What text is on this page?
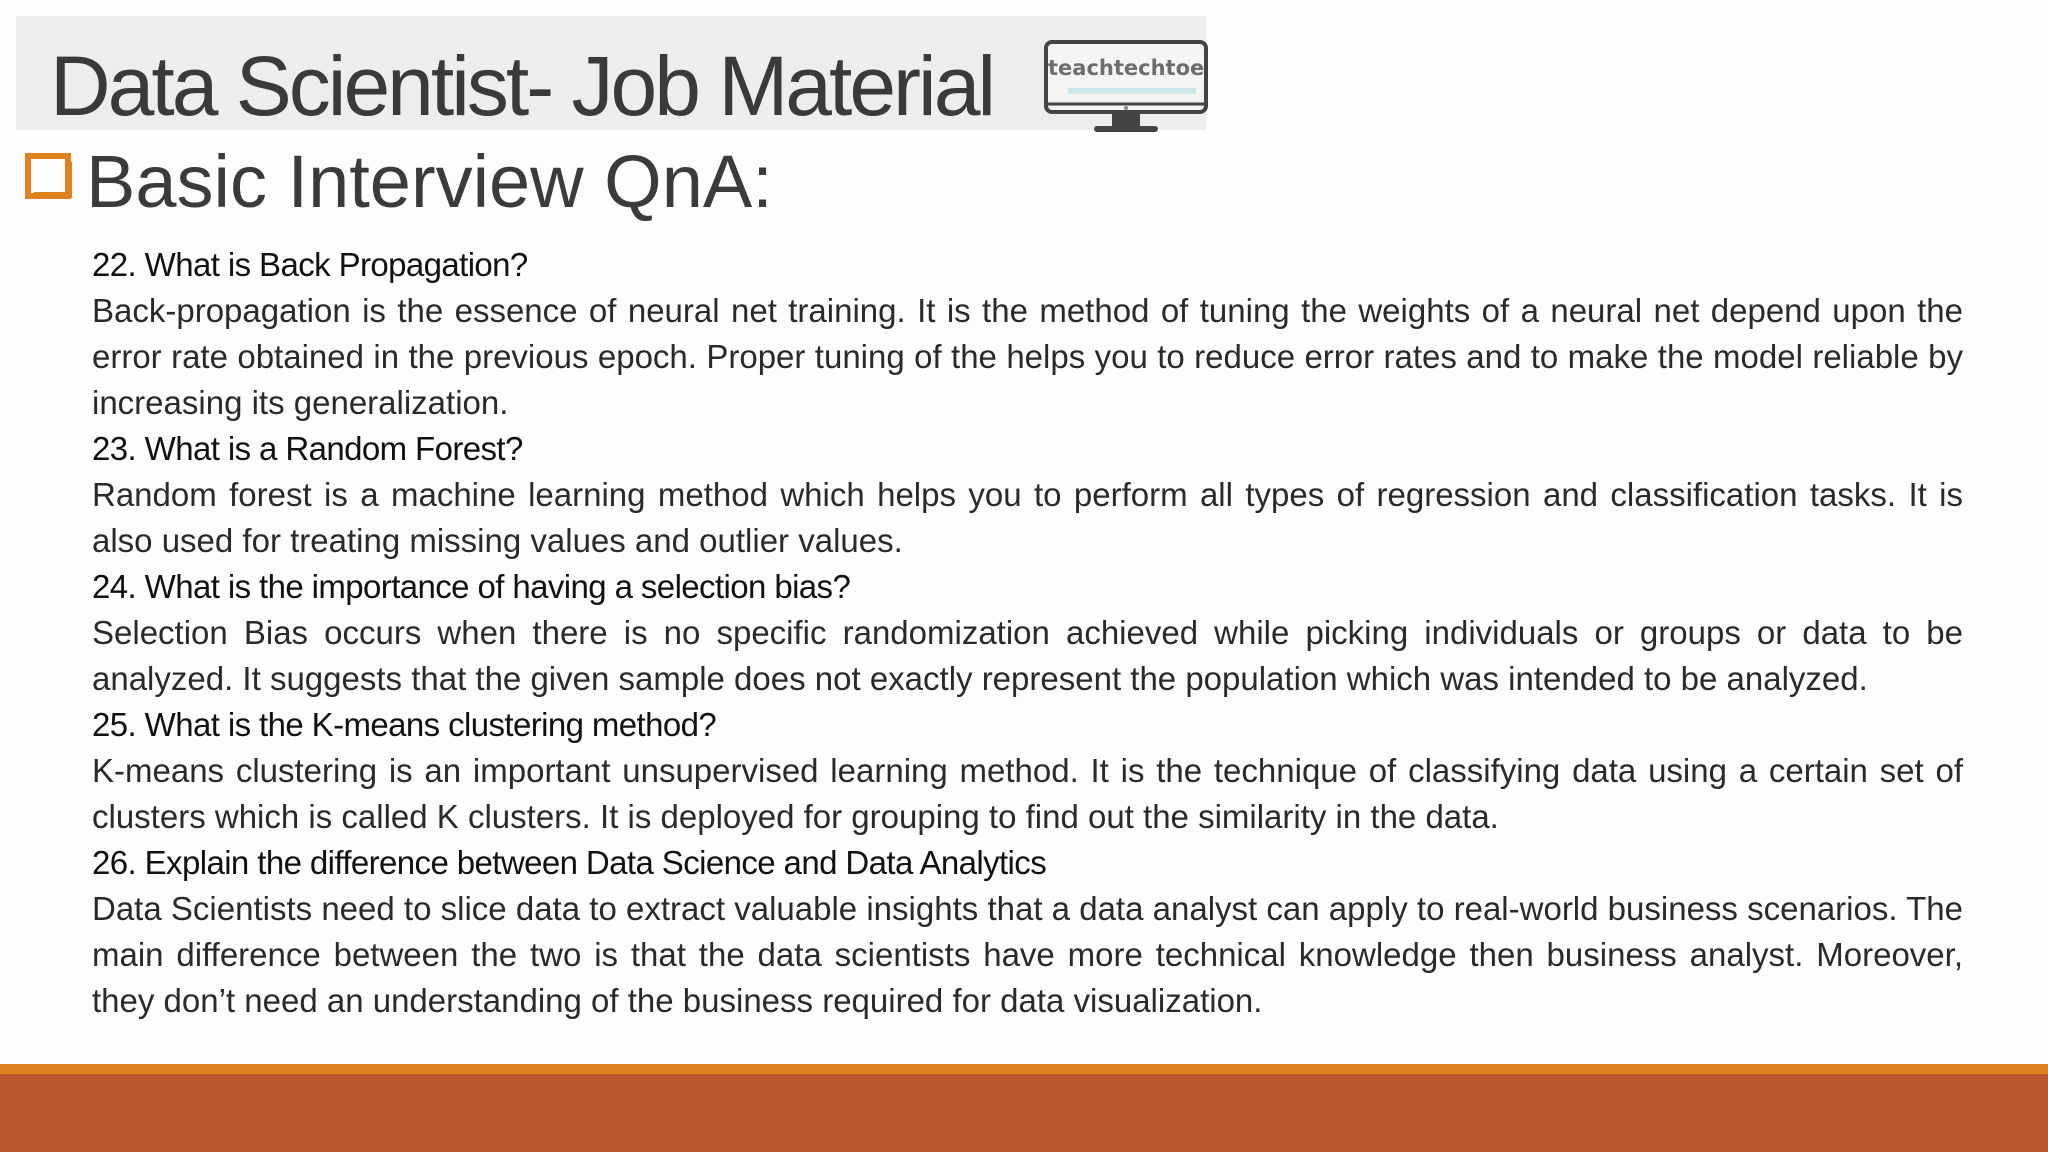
Data Scientist- Job Material	teachtechtoe
Basic Interview QnA:
22. What is Back Propagation?

Back-propagation is the essence of neural net training. It is the method of tuning the weights of a neural net depend upon the error rate obtained in the previous epoch. Proper tuning of the helps you to reduce error rates and to make the model reliable by increasing its generalization.

23. What is a Random Forest?

Random forest is a machine learning method which helps you to perform all types of regression and classification tasks. It is also used for treating missing values and outlier values.

24. What is the importance of having a selection bias?

Selection Bias occurs when there is no specific randomization achieved while picking individuals or groups or data to be analyzed. It suggests that the given sample does not exactly represent the population which was intended to be analyzed.

25. What is the K-means clustering method?

K-means clustering is an important unsupervised learning method. It is the technique of classifying data using a certain set of clusters which is called K clusters. It is deployed for grouping to find out the similarity in the data.

26. Explain the difference between Data Science and Data Analytics

Data Scientists need to slice data to extract valuable insights that a data analyst can apply to real-world business scenarios. The main difference between the two is that the data scientists have more technical knowledge then business analyst. Moreover, they don’t need an understanding of the business required for data visualization.
